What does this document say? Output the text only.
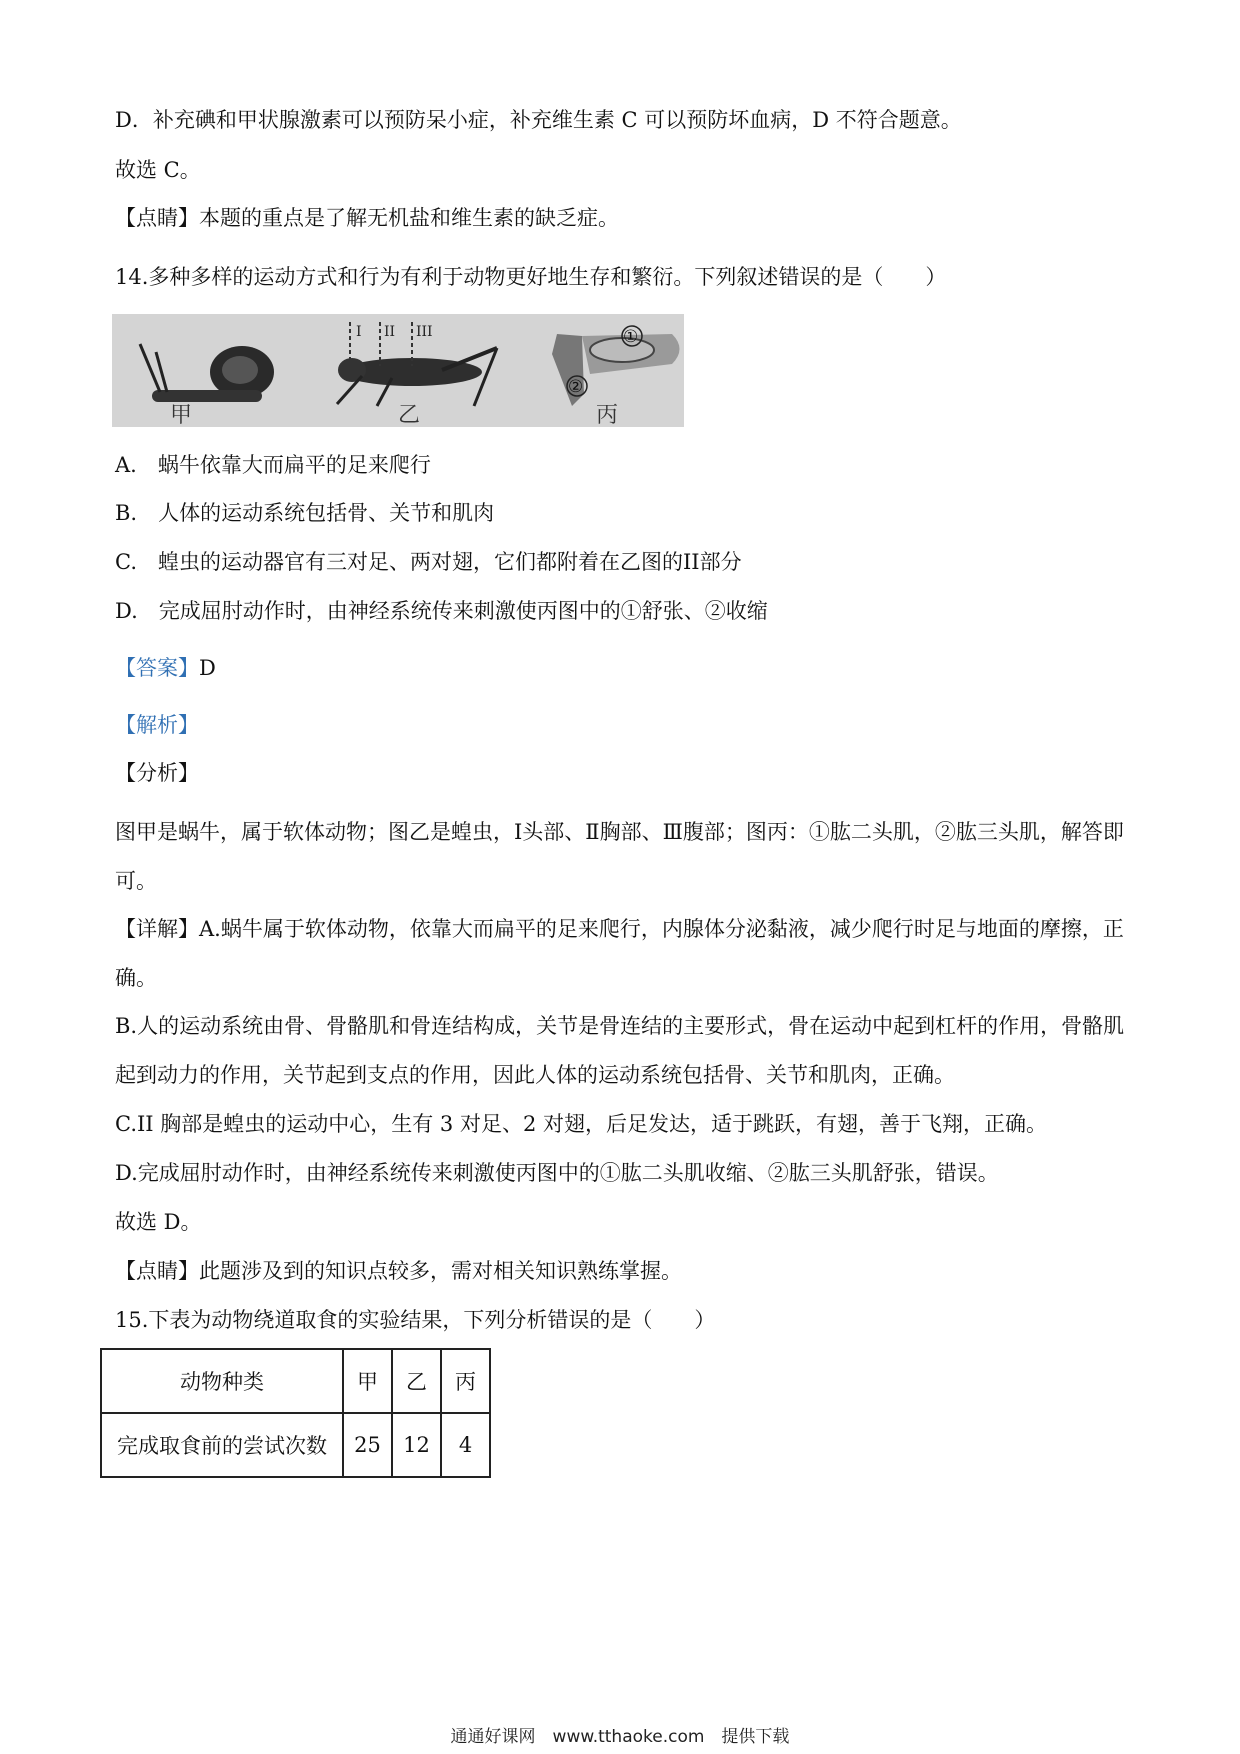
D．补充碘和甲状腺激素可以预防呆小症，补充维生素 C 可以预防坏血病，D 不符合题意。
故选 C。
【点睛】本题的重点是了解无机盐和维生素的缺乏症。
14.多种多样的运动方式和行为有利于动物更好地生存和繁衍。下列叙述错误的是（　　）
I II III	①
②
甲	乙	丙
A.　蜗牛依靠大而扁平的足来爬行
B.　人体的运动系统包括骨、关节和肌肉
C.　蝗虫的运动器官有三对足、两对翅，它们都附着在乙图的II部分
D.　完成屈肘动作时，由神经系统传来刺激使丙图中的①舒张、②收缩
【答案】D
【解析】
【分析】
图甲是蜗牛，属于软体动物；图乙是蝗虫，Ⅰ头部、Ⅱ胸部、Ⅲ腹部；图丙：①肱二头肌，②肱三头肌，解答即可。
【详解】A.蜗牛属于软体动物，依靠大而扁平的足来爬行，内腺体分泌黏液，减少爬行时足与地面的摩擦，正确。
B.人的运动系统由骨、骨骼肌和骨连结构成，关节是骨连结的主要形式，骨在运动中起到杠杆的作用，骨骼肌起到动力的作用，关节起到支点的作用，因此人体的运动系统包括骨、关节和肌肉，正确。
C.II 胸部是蝗虫的运动中心，生有 3 对足、2 对翅，后足发达，适于跳跃，有翅，善于飞翔，正确。
D.完成屈肘动作时，由神经系统传来刺激使丙图中的①肱二头肌收缩、②肱三头肌舒张，错误。
故选 D。
【点睛】此题涉及到的知识点较多，需对相关知识熟练掌握。
15.下表为动物绕道取食的实验结果，下列分析错误的是（　　）
动物种类	甲	乙	丙
完成取食前的尝试次数	25	12	4
通通好课网　www.tthaoke.com　提供下载
